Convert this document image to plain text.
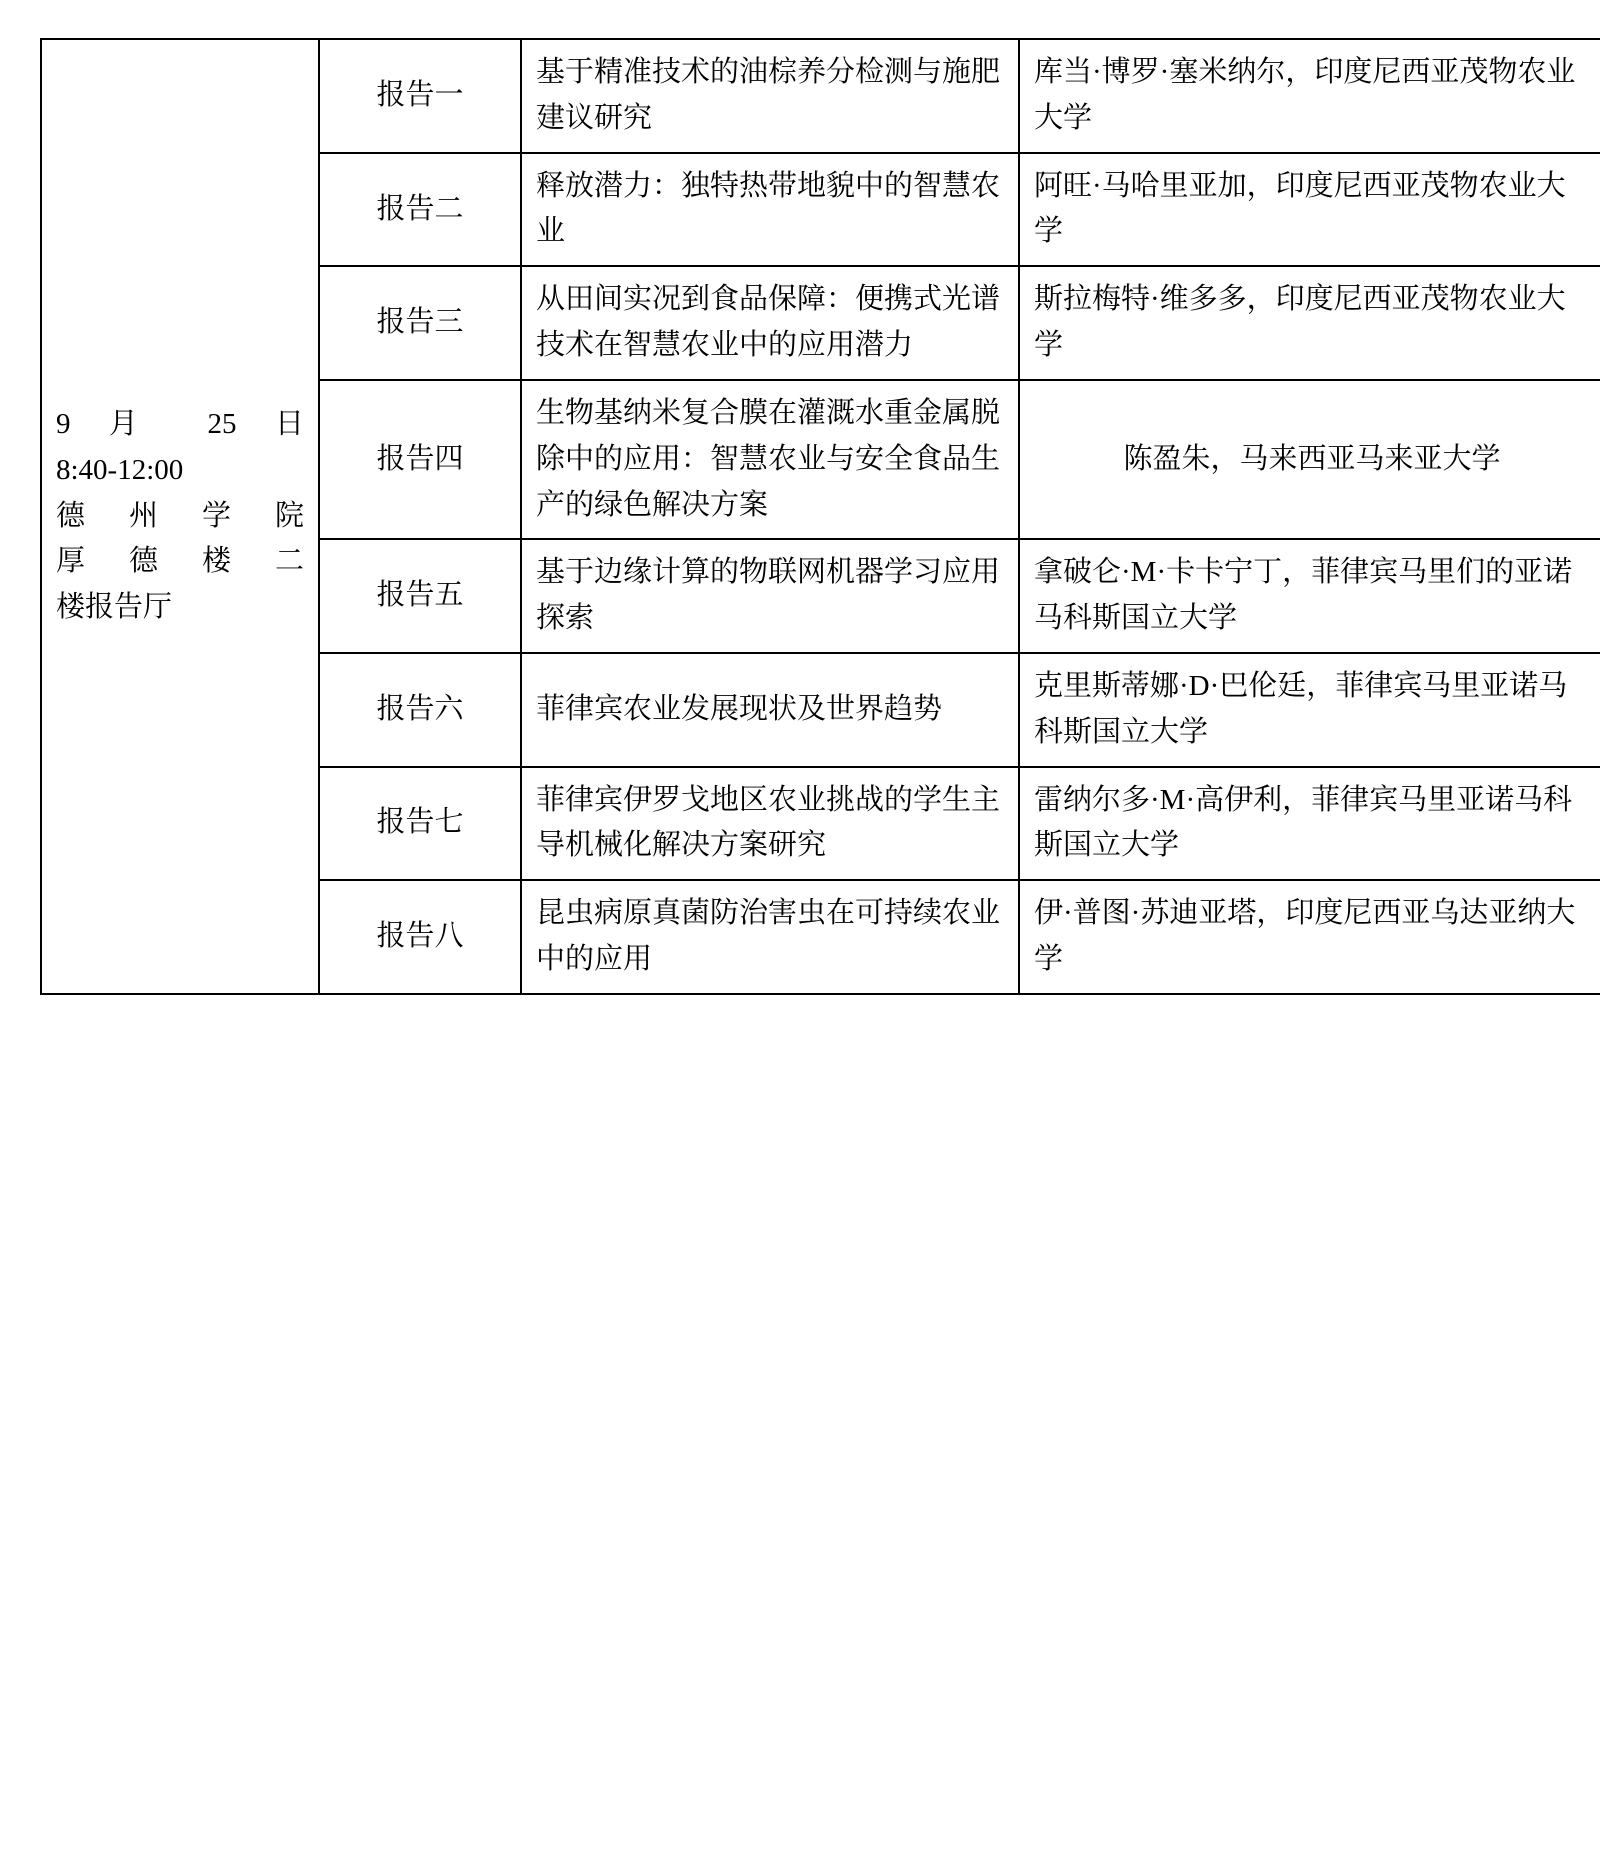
9 月 25 日
8:40-12:00
德 州 学 院
厚 德 楼 二
楼报告厅	报告一	基于精准技术的油棕养分检测与施肥建议研究	库当·博罗·塞米纳尔，印度尼西亚茂物农业大学
	报告二	释放潜力：独特热带地貌中的智慧农业	阿旺·马哈里亚加，印度尼西亚茂物农业大学
	报告三	从田间实况到食品保障：便携式光谱技术在智慧农业中的应用潜力	斯拉梅特·维多多，印度尼西亚茂物农业大学
	报告四	生物基纳米复合膜在灌溉水重金属脱除中的应用：智慧农业与安全食品生产的绿色解决方案	陈盈朱，马来西亚马来亚大学
	报告五	基于边缘计算的物联网机器学习应用探索	拿破仑·M·卡卡宁丁，菲律宾马里们的亚诺马科斯国立大学
	报告六	菲律宾农业发展现状及世界趋势	克里斯蒂娜·D·巴伦廷，菲律宾马里亚诺马科斯国立大学
	报告七	菲律宾伊罗戈地区农业挑战的学生主导机械化解决方案研究	雷纳尔多·M·高伊利，菲律宾马里亚诺马科斯国立大学
	报告八	昆虫病原真菌防治害虫在可持续农业中的应用	伊·普图·苏迪亚塔，印度尼西亚乌达亚纳大学
